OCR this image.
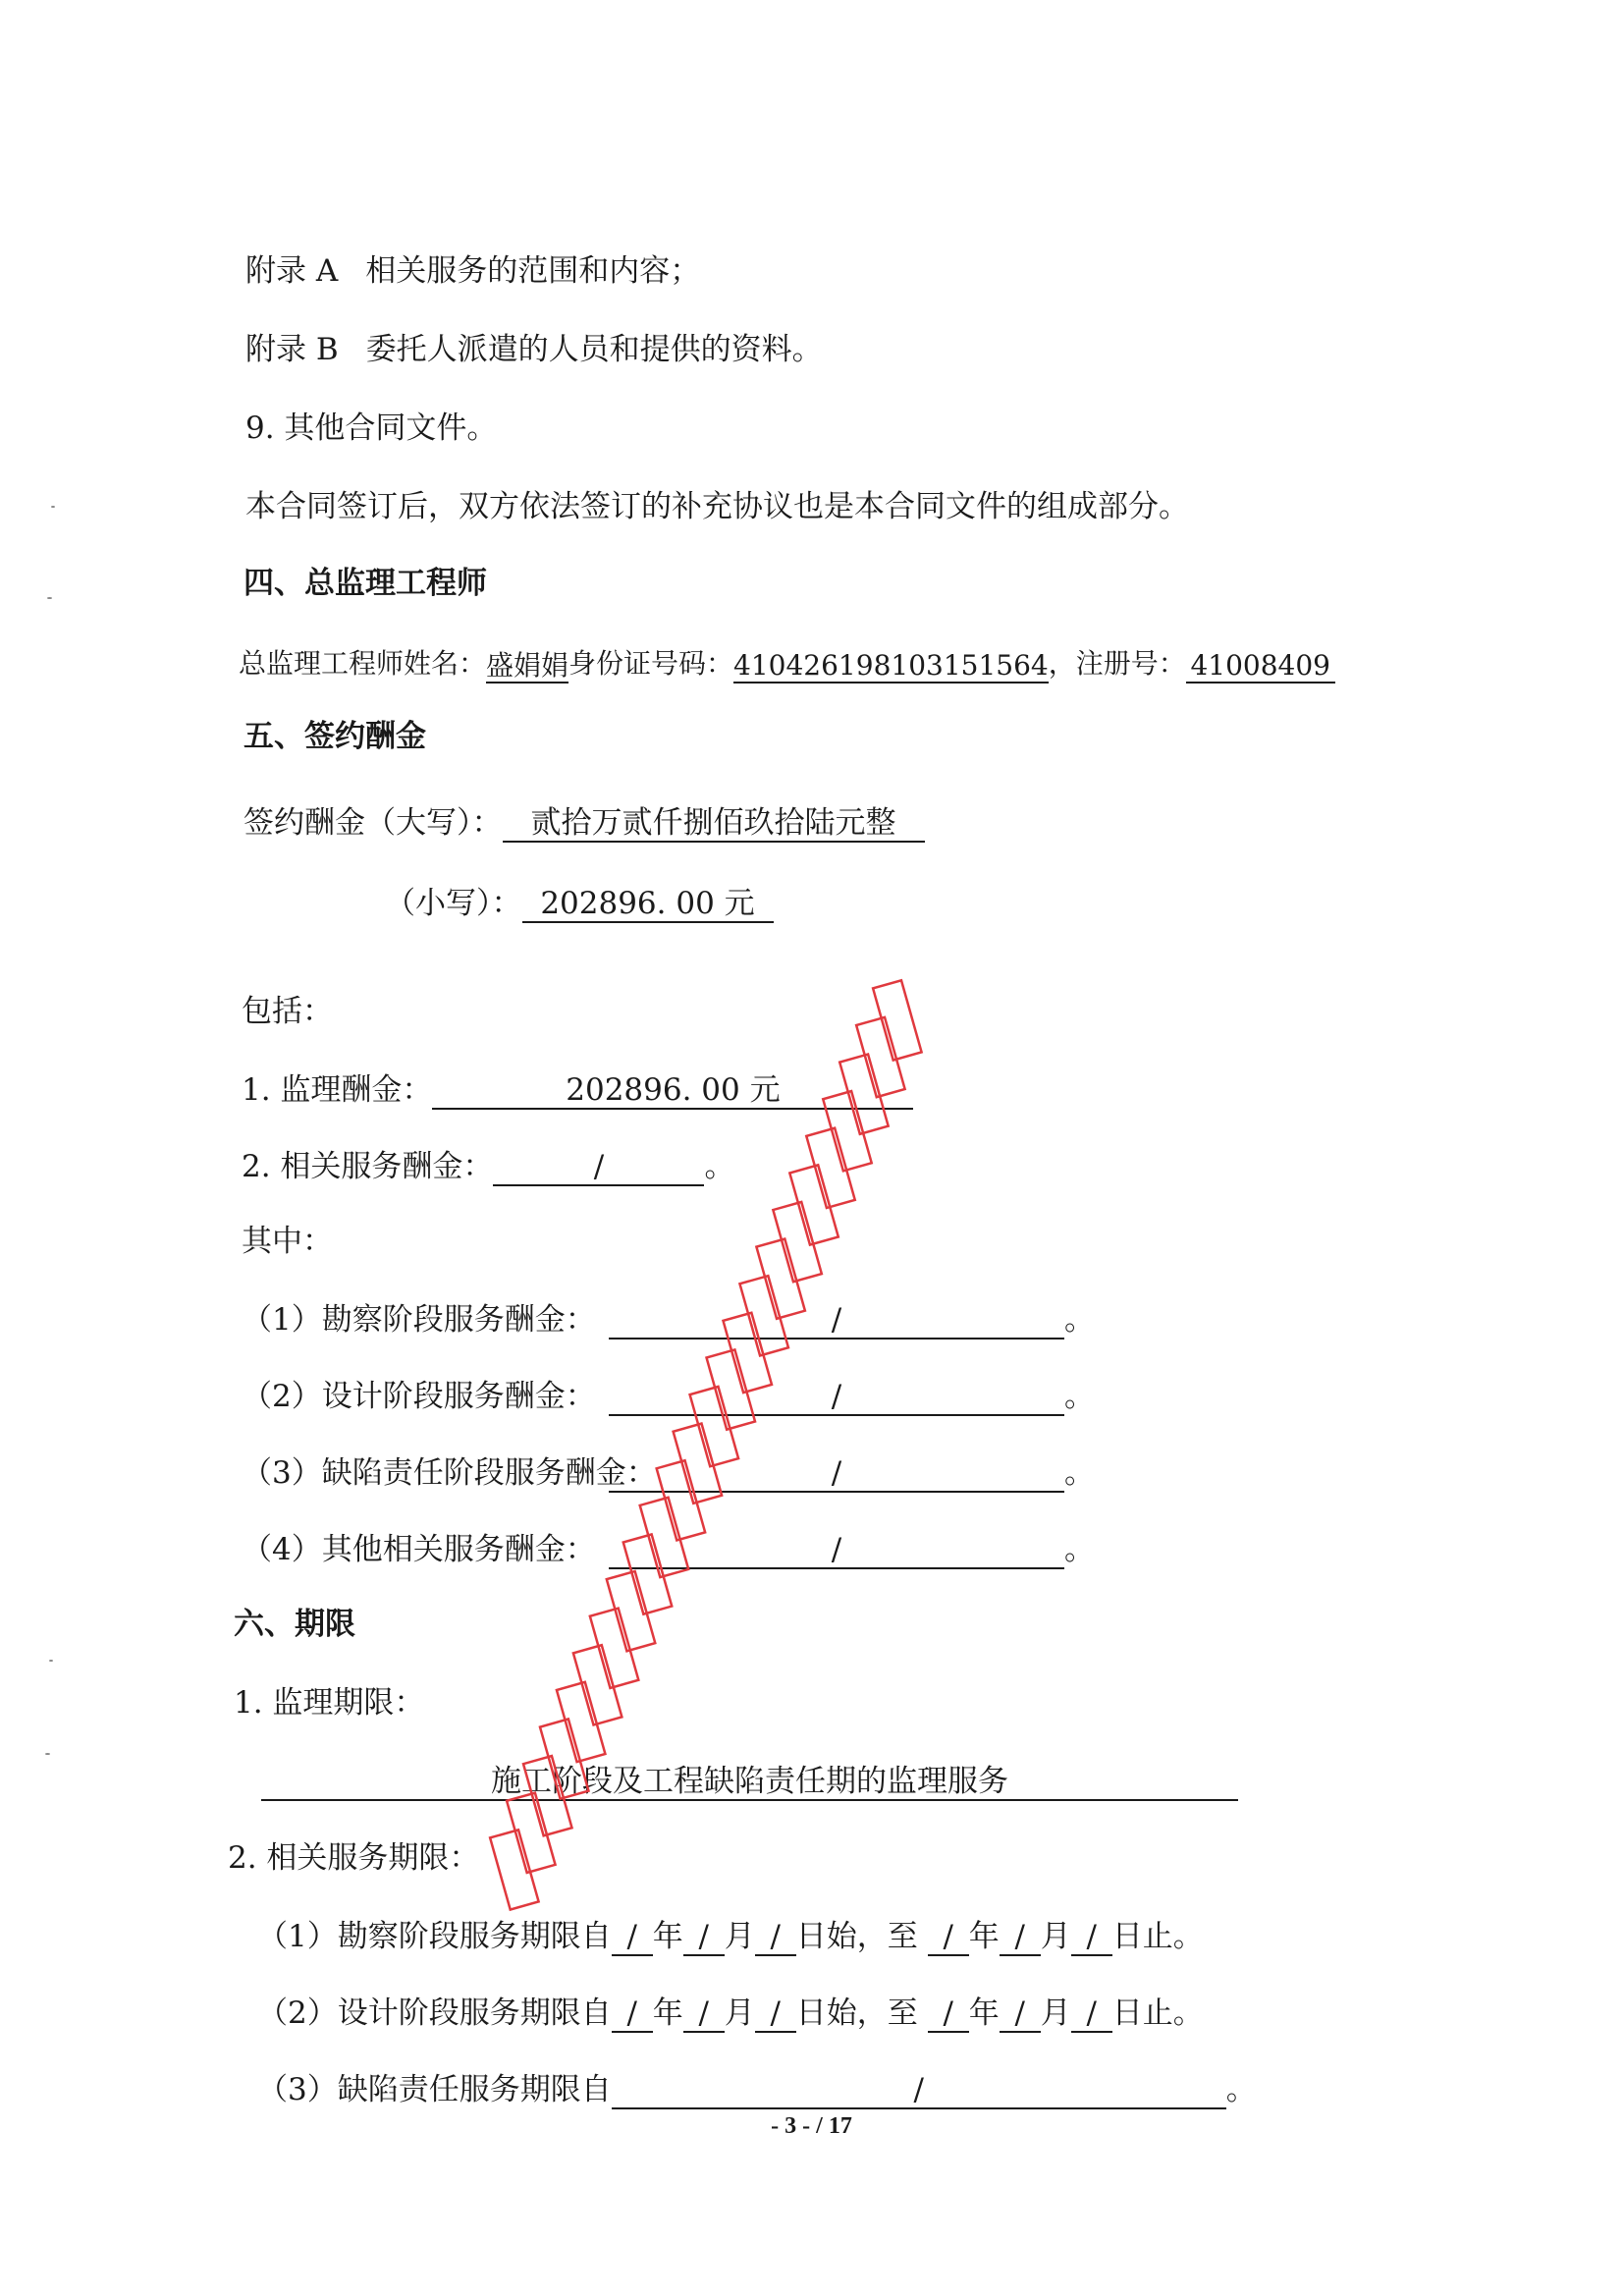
附录 A 相关服务的范围和内容；
附录 B 委托人派遣的人员和提供的资料。
9. 其他合同文件。
本合同签订后，双方依法签订的补充协议也是本合同文件的组成部分。
四、总监理工程师
总监理工程师姓名：盛娟娟身份证号码：410426198103151564，注册号： 41008409
五、签约酬金
签约酬金（大写）： 贰拾万贰仟捌佰玖拾陆元整
（小写）： 202896. 00 元
包括：
1. 监理酬金：	202896. 00 元
2. 相关服务酬金：	/	。
其中：
（1）勘察阶段服务酬金：	/	。
（2）设计阶段服务酬金：	/	。
（3）缺陷责任阶段服务酬金：	/	。
（4）其他相关服务酬金：	/	。
六、期限
1. 监理期限：
施工阶段及工程缺陷责任期的监理服务
2. 相关服务期限：
（1）勘察阶段服务期限自 / 年 / 月 / 日始，至 / 年 / 月 / 日止。
（2）设计阶段服务期限自 / 年 / 月 / 日始，至 / 年 / 月 / 日止。
（3）缺陷责任服务期限自	/	。
- 3 - / 17
